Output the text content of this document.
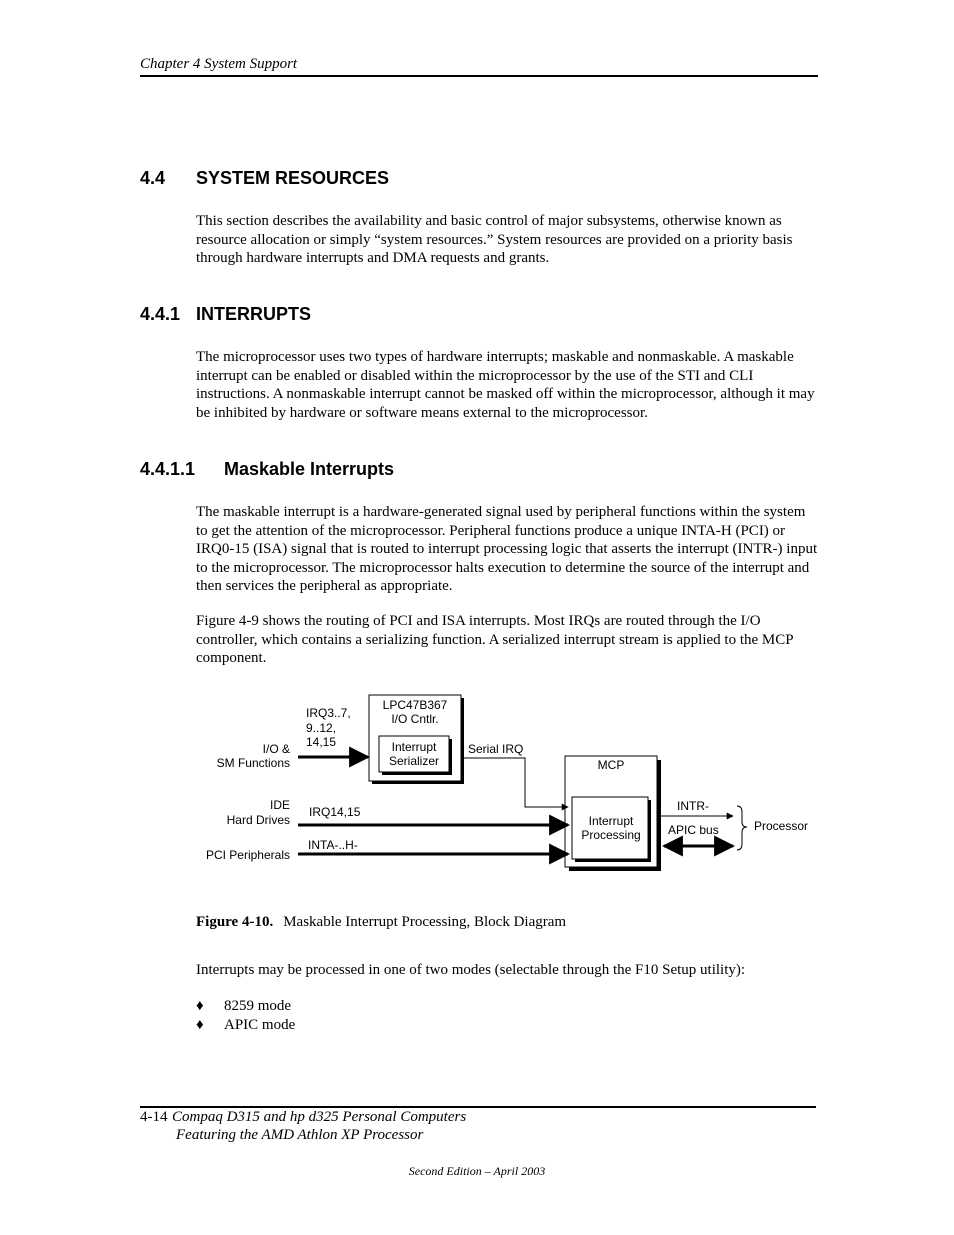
Chapter 4 System Support
4.4 SYSTEM RESOURCES
This section describes the availability and basic control of major subsystems, otherwise known as resource allocation or simply “system resources.” System resources are provided on a priority basis through hardware interrupts and DMA requests and grants.
4.4.1 INTERRUPTS
The microprocessor uses two types of hardware interrupts; maskable and nonmaskable. A maskable interrupt can be enabled or disabled within the microprocessor by the use of the STI and CLI instructions. A nonmaskable interrupt cannot be masked off within the microprocessor, although it may be inhibited by hardware or software means external to the microprocessor.
4.4.1.1 Maskable Interrupts
The maskable interrupt is a hardware-generated signal used by peripheral functions within the system to get the attention of the microprocessor. Peripheral functions produce a unique INTA-H (PCI) or IRQ0-15 (ISA) signal that is routed to interrupt processing logic that asserts the interrupt (INTR-) input to the microprocessor. The microprocessor halts execution to determine the source of the interrupt and then services the peripheral as appropriate.
Figure 4-9 shows the routing of PCI and ISA interrupts. Most IRQs are routed through the I/O controller, which contains a serializing function. A serialized interrupt stream is applied to the MCP component.
I/O &
SM Functions
IRQ3..7,
9..12,
14,15
LPC47B367
I/O Cntlr.
Interrupt
Serializer
Serial IRQ
MCP
Interrupt
Processing
IDE
Hard Drives
IRQ14,15
PCI Peripherals
INTA-..H-
INTR-
APIC bus	Processor
Figure 4-10. Maskable Interrupt Processing, Block Diagram
Interrupts may be processed in one of two modes (selectable through the F10 Setup utility):
♦ 8259 mode
♦ APIC mode
4-14 Compaq D315 and hp d325 Personal Computers
Featuring the AMD Athlon XP Processor
Second Edition – April 2003
